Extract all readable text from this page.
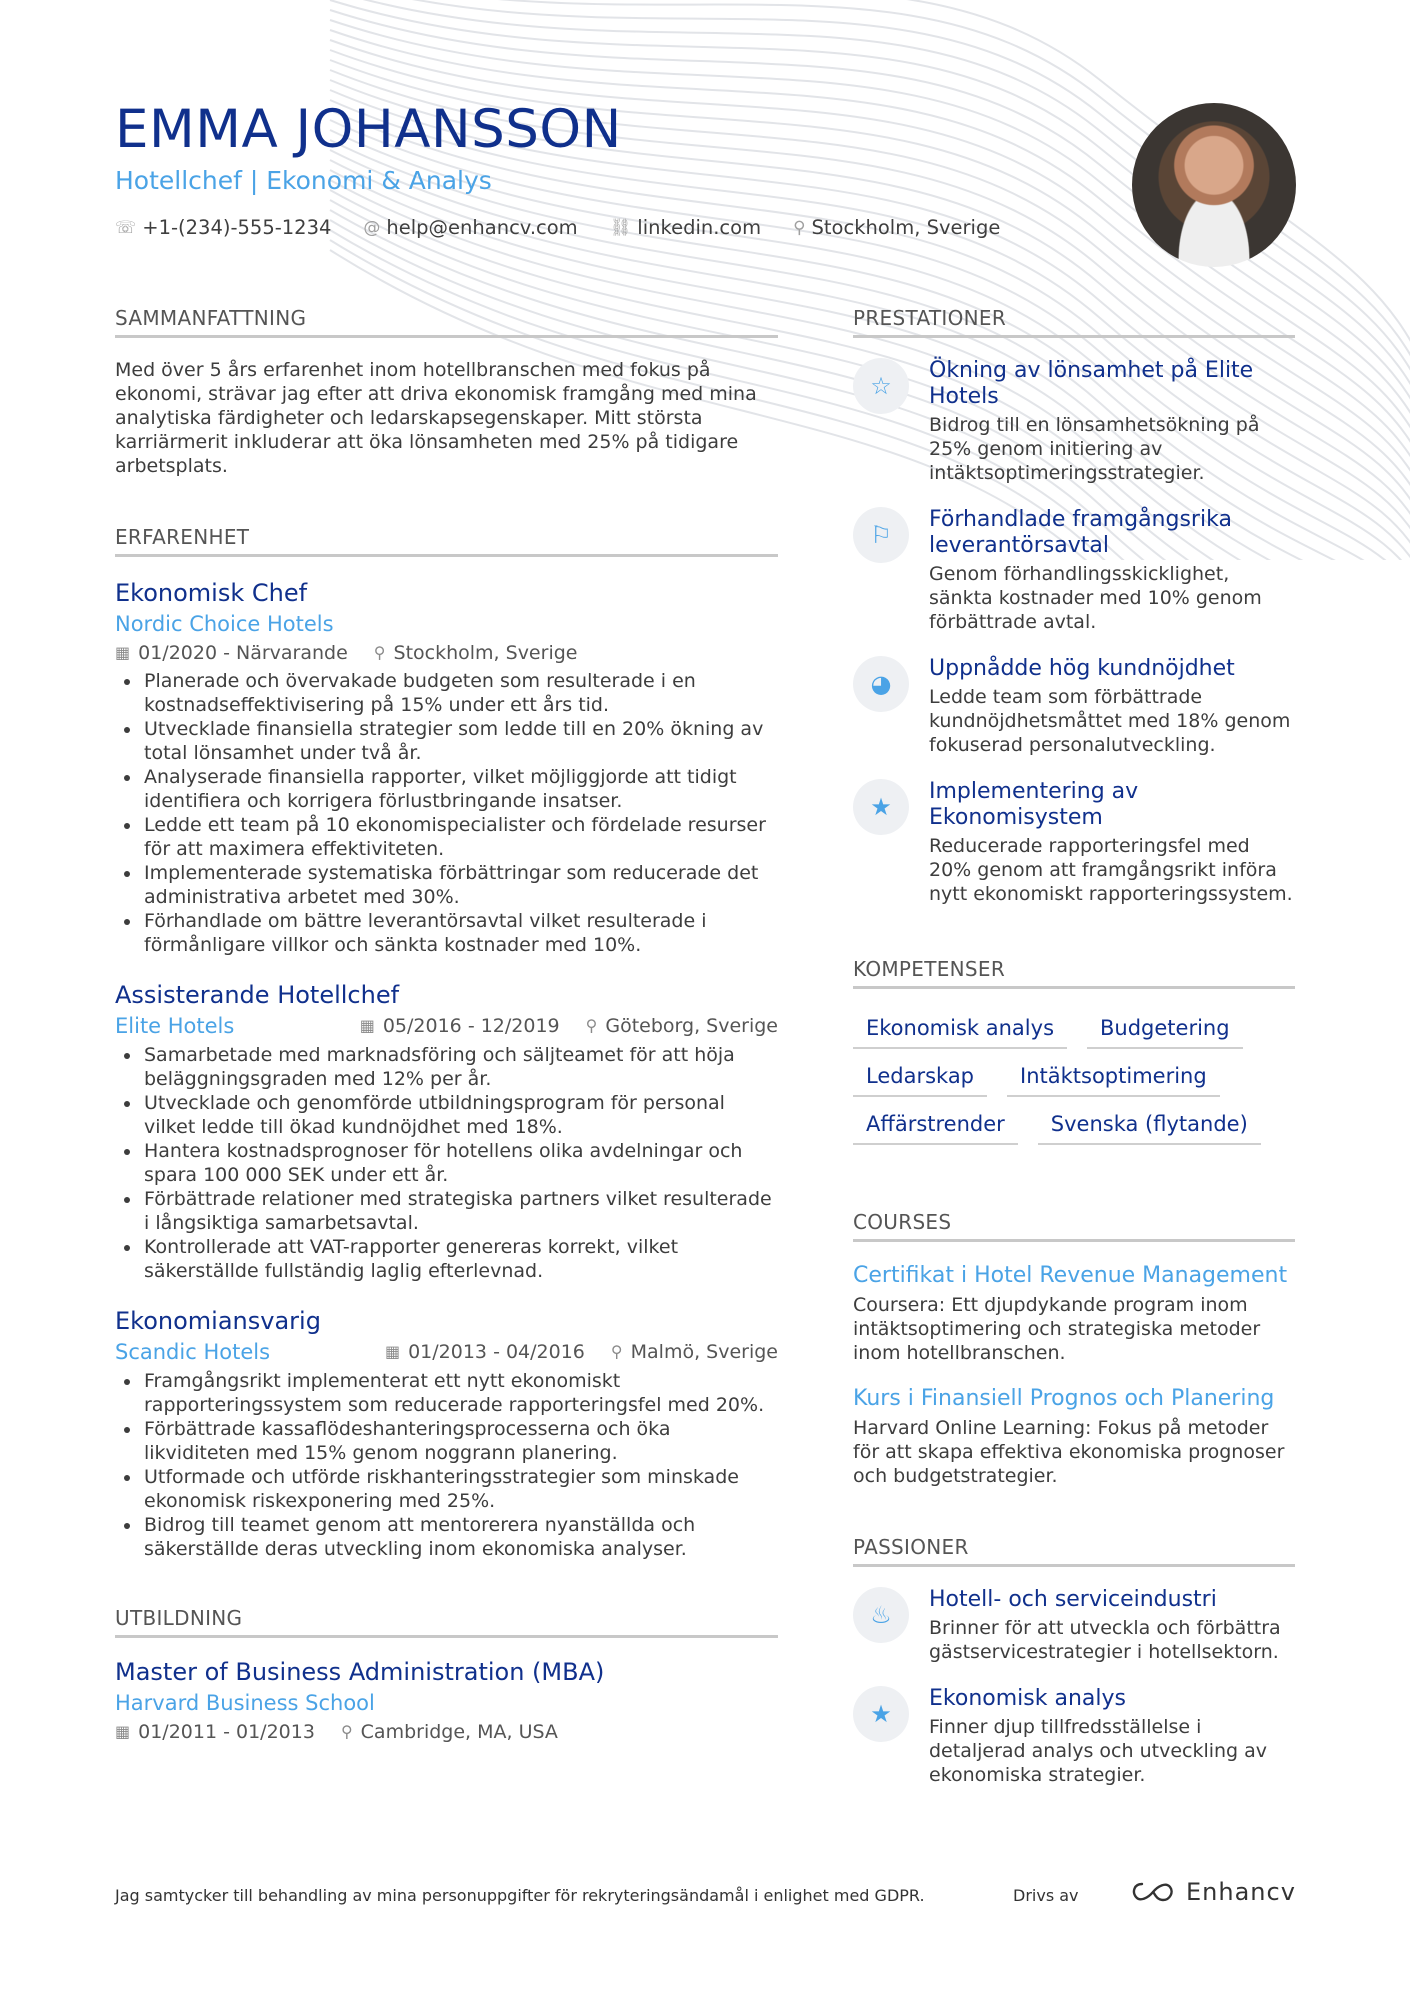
EMMA JOHANSSON
Hotellchef | Ekonomi & Analys
☏ +1-(234)-555-1234 @ help@enhancv.com ⛓ linkedin.com ⚲ Stockholm, Sverige
SAMMANFATTNING
Med över 5 års erfarenhet inom hotellbranschen med fokus på ekonomi, strävar jag efter att driva ekonomisk framgång med mina analytiska färdigheter och ledarskapsegenskaper. Mitt största karriärmerit inkluderar att öka lönsamheten med 25% på tidigare arbetsplats.
ERFARENHET
Ekonomisk Chef
Nordic Choice Hotels
▦ 01/2020 - Närvarande ⚲ Stockholm, Sverige
• Planerade och övervakade budgeten som resulterade i en kostnadseffektivisering på 15% under ett års tid.
• Utvecklade finansiella strategier som ledde till en 20% ökning av total lönsamhet under två år.
• Analyserade finansiella rapporter, vilket möjliggjorde att tidigt identifiera och korrigera förlustbringande insatser.
• Ledde ett team på 10 ekonomispecialister och fördelade resurser för att maximera effektiviteten.
• Implementerade systematiska förbättringar som reducerade det administrativa arbetet med 30%.
• Förhandlade om bättre leverantörsavtal vilket resulterade i förmånligare villkor och sänkta kostnader med 10%.
Assisterande Hotellchef
Elite Hotels	▦ 05/2016 - 12/2019 ⚲ Göteborg, Sverige
• Samarbetade med marknadsföring och säljteamet för att höja beläggningsgraden med 12% per år.
• Utvecklade och genomförde utbildningsprogram för personal vilket ledde till ökad kundnöjdhet med 18%.
• Hantera kostnadsprognoser för hotellens olika avdelningar och spara 100 000 SEK under ett år.
• Förbättrade relationer med strategiska partners vilket resulterade i långsiktiga samarbetsavtal.
• Kontrollerade att VAT-rapporter genereras korrekt, vilket säkerställde fullständig laglig efterlevnad.
Ekonomiansvarig
Scandic Hotels	▦ 01/2013 - 04/2016 ⚲ Malmö, Sverige
• Framgångsrikt implementerat ett nytt ekonomiskt rapporteringssystem som reducerade rapporteringsfel med 20%.
• Förbättrade kassaflödeshanteringsprocesserna och öka likviditeten med 15% genom noggrann planering.
• Utformade och utförde riskhanteringsstrategier som minskade ekonomisk riskexponering med 25%.
• Bidrog till teamet genom att mentorerera nyanställda och säkerställde deras utveckling inom ekonomiska analyser.
UTBILDNING
Master of Business Administration (MBA)
Harvard Business School
▦ 01/2011 - 01/2013 ⚲ Cambridge, MA, USA
PRESTATIONER
☆
Ökning av lönsamhet på Elite Hotels
Bidrog till en lönsamhetsökning på 25% genom initiering av intäktsoptimeringsstrategier.
⚐
Förhandlade framgångsrika leverantörsavtal
Genom förhandlingsskicklighet, sänkta kostnader med 10% genom förbättrade avtal.
◕
Uppnådde hög kundnöjdhet
Ledde team som förbättrade kundnöjdhetsmåttet med 18% genom fokuserad personalutveckling.
★
Implementering av Ekonomisystem
Reducerade rapporteringsfel med 20% genom att framgångsrikt införa nytt ekonomiskt rapporteringssystem.
KOMPETENSER
Ekonomisk analys	Budgetering
Ledarskap	Intäktsoptimering
Affärstrender	Svenska (flytande)
COURSES
Certifikat i Hotel Revenue Management
Coursera: Ett djupdykande program inom intäktsoptimering och strategiska metoder inom hotellbranschen.
Kurs i Finansiell Prognos och Planering
Harvard Online Learning: Fokus på metoder för att skapa effektiva ekonomiska prognoser och budgetstrategier.
PASSIONER
♨
Hotell- och serviceindustri
Brinner för att utveckla och förbättra gästservicestrategier i hotellsektorn.
★
Ekonomisk analys
Finner djup tillfredsställelse i detaljerad analys och utveckling av ekonomiska strategier.
Jag samtycker till behandling av mina personuppgifter för rekryteringsändamål i enlighet med GDPR.	Drivs av	Enhancv
